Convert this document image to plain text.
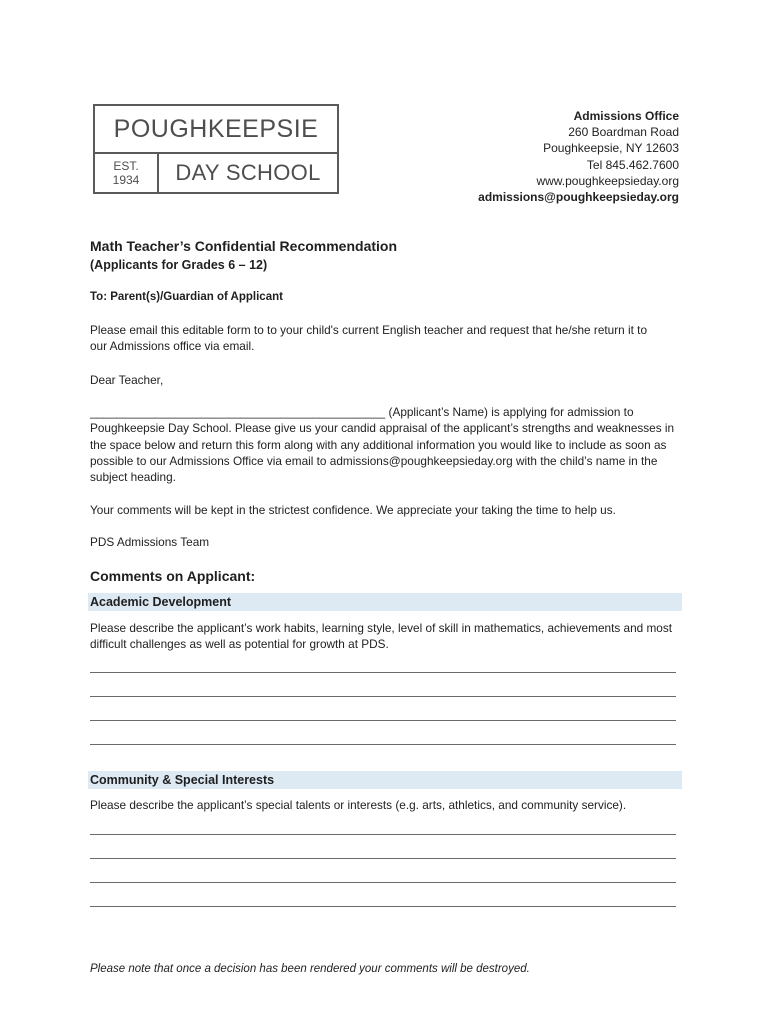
POUGHKEEPSIE
EST.
1934	DAY SCHOOL
Admissions Office
260 Boardman Road
Poughkeepsie, NY 12603
Tel 845.462.7600
www.poughkeepsieday.org
admissions@poughkeepsieday.org
Math Teacher’s Confidential Recommendation
(Applicants for Grades 6 – 12)
To: Parent(s)/Guardian of Applicant
Please email this editable form to to your child's current English teacher and request that he/she return it to
our Admissions office via email.
Dear Teacher,
_____________________________________________ (Applicant’s Name) is applying for admission to
Poughkeepsie Day School. Please give us your candid appraisal of the applicant’s strengths and weaknesses in
the space below and return this form along with any additional information you would like to include as soon as
possible to our Admissions Office via email to admissions@poughkeepsieday.org with the child’s name in the
subject heading.
Your comments will be kept in the strictest confidence. We appreciate your taking the time to help us.
PDS Admissions Team
Comments on Applicant:
Academic Development
Please describe the applicant’s work habits, learning style, level of skill in mathematics, achievements and most
difficult challenges as well as potential for growth at PDS.
Community & Special Interests
Please describe the applicant’s special talents or interests (e.g. arts, athletics, and community service).
Please note that once a decision has been rendered your comments will be destroyed.
